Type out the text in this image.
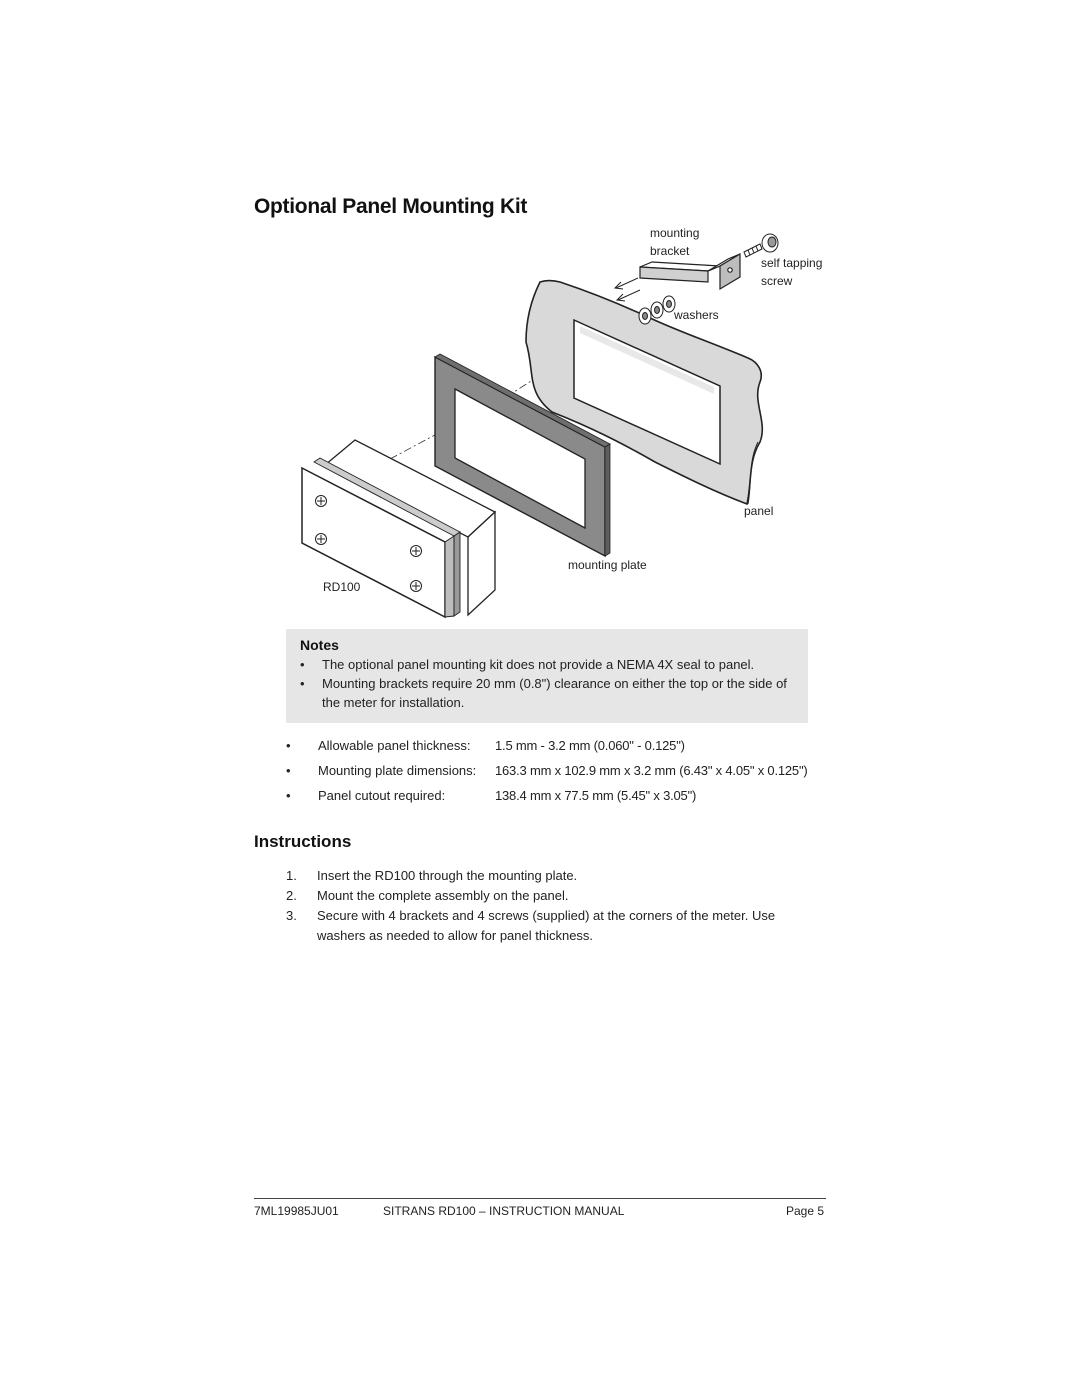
Optional Panel Mounting Kit
mounting
bracket
self tapping
screw
washers
panel
mounting plate
RD100
Notes
• The optional panel mounting kit does not provide a NEMA 4X seal to panel.
• Mounting brackets require 20 mm (0.8") clearance on either the top or the side of the meter for installation.
• Allowable panel thickness: 1.5 mm - 3.2 mm (0.060" - 0.125")
• Mounting plate dimensions: 163.3 mm x 102.9 mm x 3.2 mm (6.43" x 4.05" x 0.125")
• Panel cutout required:	138.4 mm x 77.5 mm (5.45" x 3.05")
Instructions
1. Insert the RD100 through the mounting plate.
2. Mount the complete assembly on the panel.
3. Secure with 4 brackets and 4 screws (supplied) at the corners of the meter. Use washers as needed to allow for panel thickness.
7ML19985JU01	SITRANS RD100 – INSTRUCTION MANUAL	Page 5
